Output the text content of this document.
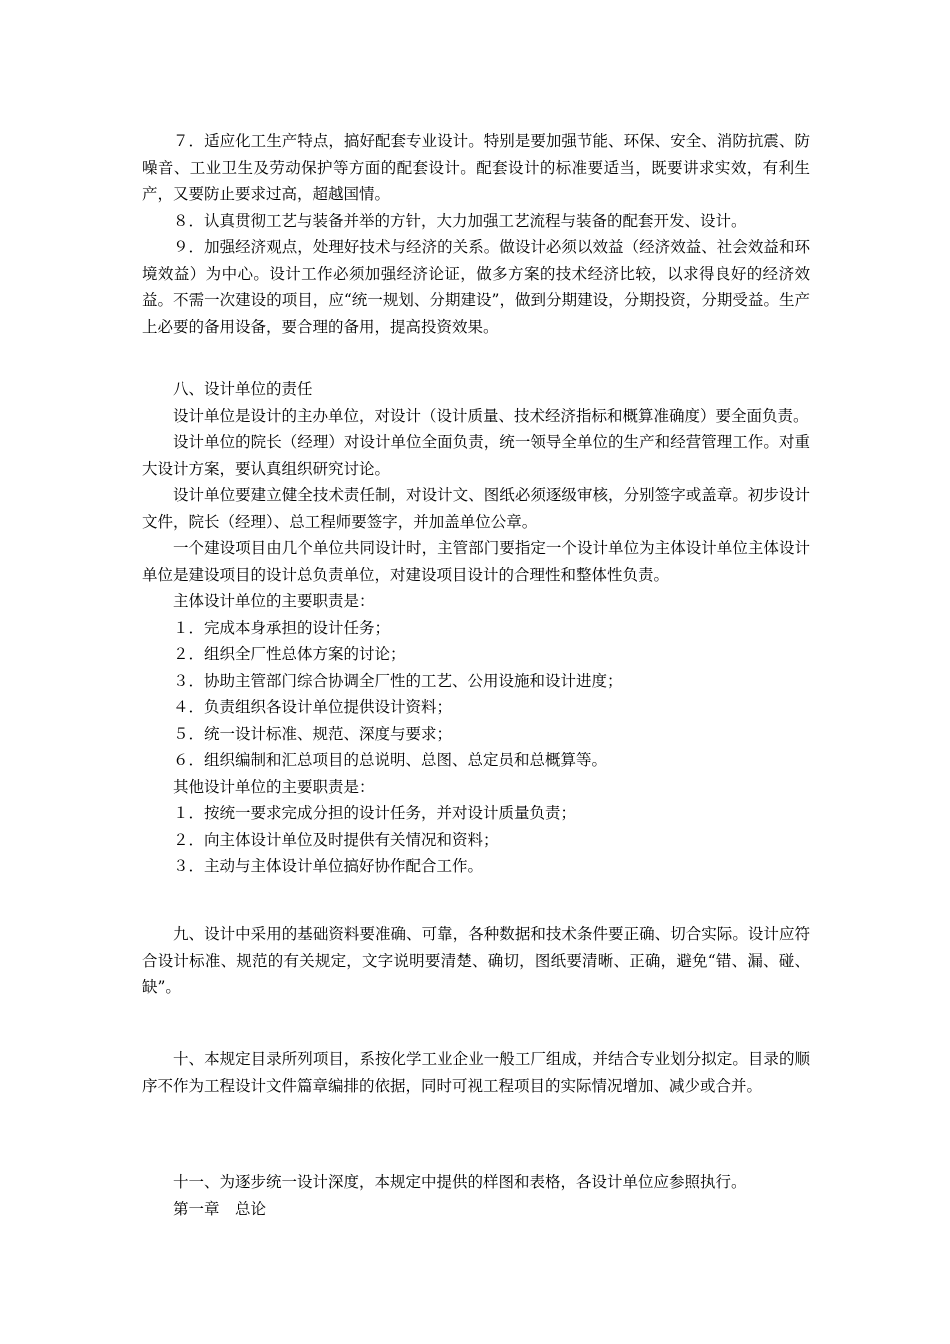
７．适应化工生产特点，搞好配套专业设计。特别是要加强节能、环保、安全、消防抗震、防噪音、工业卫生及劳动保护等方面的配套设计。配套设计的标准要适当，既要讲求实效，有利生产，又要防止要求过高，超越国情。

８．认真贯彻工艺与装备并举的方针，大力加强工艺流程与装备的配套开发、设计。

９．加强经济观点，处理好技术与经济的关系。做设计必须以效益（经济效益、社会效益和环境效益）为中心。设计工作必须加强经济论证，做多方案的技术经济比较，以求得良好的经济效益。不需一次建设的项目，应“统一规划、分期建设”，做到分期建设，分期投资，分期受益。生产上必要的备用设备，要合理的备用，提高投资效果。

八、设计单位的责任

设计单位是设计的主办单位，对设计（设计质量、技术经济指标和概算准确度）要全面负责。

设计单位的院长（经理）对设计单位全面负责，统一领导全单位的生产和经营管理工作。对重大设计方案，要认真组织研究讨论。

设计单位要建立健全技术责任制，对设计文、图纸必须逐级审核，分别签字或盖章。初步设计文件，院长（经理）、总工程师要签字，并加盖单位公章。

一个建设项目由几个单位共同设计时，主管部门要指定一个设计单位为主体设计单位主体设计单位是建设项目的设计总负责单位，对建设项目设计的合理性和整体性负责。

主体设计单位的主要职责是：

１．完成本身承担的设计任务；

２．组织全厂性总体方案的讨论；

３．协助主管部门综合协调全厂性的工艺、公用设施和设计进度；

４．负责组织各设计单位提供设计资料；

５．统一设计标准、规范、深度与要求；

６．组织编制和汇总项目的总说明、总图、总定员和总概算等。

其他设计单位的主要职责是：

１．按统一要求完成分担的设计任务，并对设计质量负责；

２．向主体设计单位及时提供有关情况和资料；

３．主动与主体设计单位搞好协作配合工作。

九、设计中采用的基础资料要准确、可靠，各种数据和技术条件要正确、切合实际。设计应符合设计标准、规范的有关规定，文字说明要清楚、确切，图纸要清晰、正确，避免“错、漏、碰、缺”。

十、本规定目录所列项目，系按化学工业企业一般工厂组成，并结合专业划分拟定。目录的顺序不作为工程设计文件篇章编排的依据，同时可视工程项目的实际情况增加、减少或合并。

十一、为逐步统一设计深度，本规定中提供的样图和表格，各设计单位应参照执行。

第一章　总论
